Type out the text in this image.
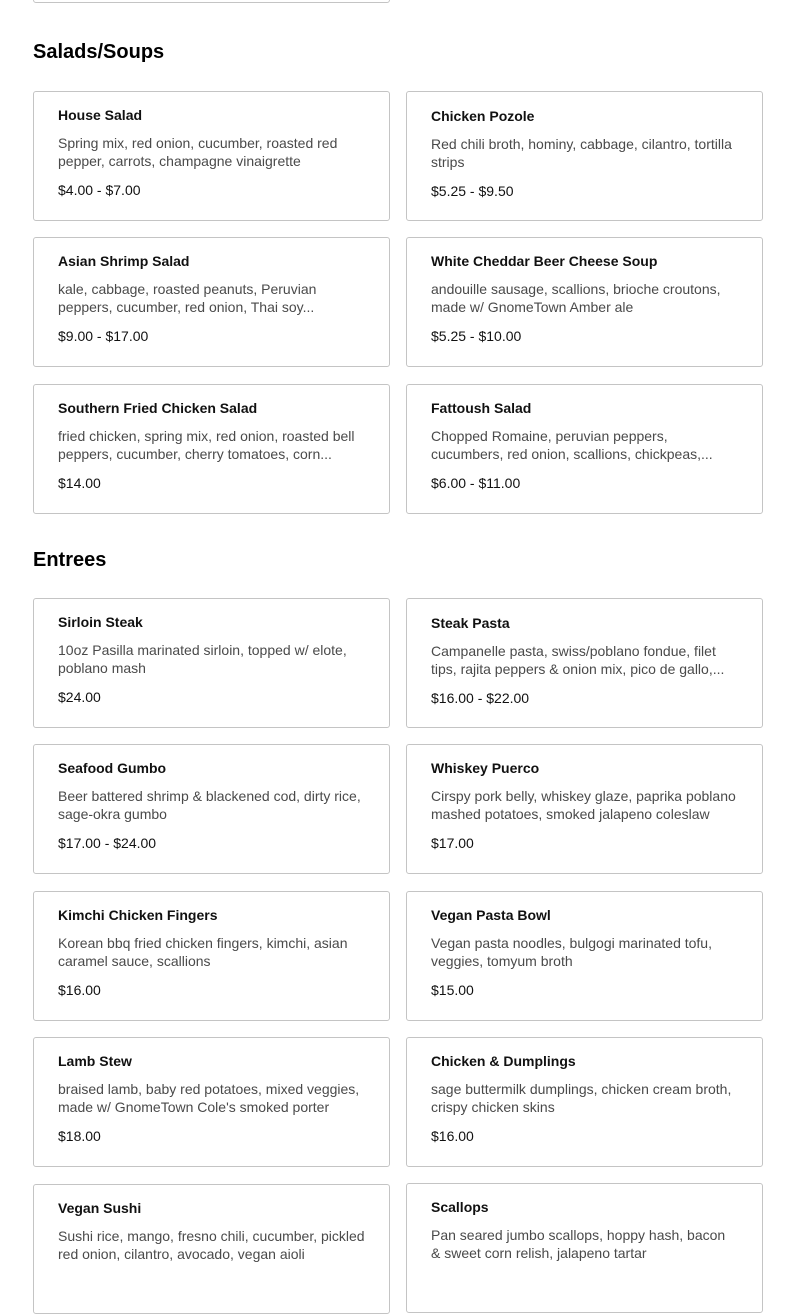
Salads/Soups
House Salad
Spring mix, red onion, cucumber, roasted red pepper, carrots, champagne vinaigrette
$4.00 - $7.00
Chicken Pozole
Red chili broth, hominy, cabbage, cilantro, tortilla strips
$5.25 - $9.50
Asian Shrimp Salad
kale, cabbage, roasted peanuts, Peruvian peppers, cucumber, red onion, Thai soy...
$9.00 - $17.00
White Cheddar Beer Cheese Soup
andouille sausage, scallions, brioche croutons, made w/ GnomeTown Amber ale
$5.25 - $10.00
Southern Fried Chicken Salad
fried chicken, spring mix, red onion, roasted bell peppers, cucumber, cherry tomatoes, corn...
$14.00
Fattoush Salad
Chopped Romaine, peruvian peppers, cucumbers, red onion, scallions, chickpeas,...
$6.00 - $11.00
Entrees
Sirloin Steak
10oz Pasilla marinated sirloin, topped w/ elote, poblano mash
$24.00
Steak Pasta
Campanelle pasta, swiss/poblano fondue, filet tips, rajita peppers & onion mix, pico de gallo,...
$16.00 - $22.00
Seafood Gumbo
Beer battered shrimp & blackened cod, dirty rice, sage-okra gumbo
$17.00 - $24.00
Whiskey Puerco
Cirspy pork belly, whiskey glaze, paprika poblano mashed potatoes, smoked jalapeno coleslaw
$17.00
Kimchi Chicken Fingers
Korean bbq fried chicken fingers, kimchi, asian caramel sauce, scallions
$16.00
Vegan Pasta Bowl
Vegan pasta noodles, bulgogi marinated tofu, veggies, tomyum broth
$15.00
Lamb Stew
braised lamb, baby red potatoes, mixed veggies, made w/ GnomeTown Cole's smoked porter
$18.00
Chicken & Dumplings
sage buttermilk dumplings, chicken cream broth, crispy chicken skins
$16.00
Vegan Sushi
Sushi rice, mango, fresno chili, cucumber, pickled red onion, cilantro, avocado, vegan aioli
Scallops
Pan seared jumbo scallops, hoppy hash, bacon & sweet corn relish, jalapeno tartar
